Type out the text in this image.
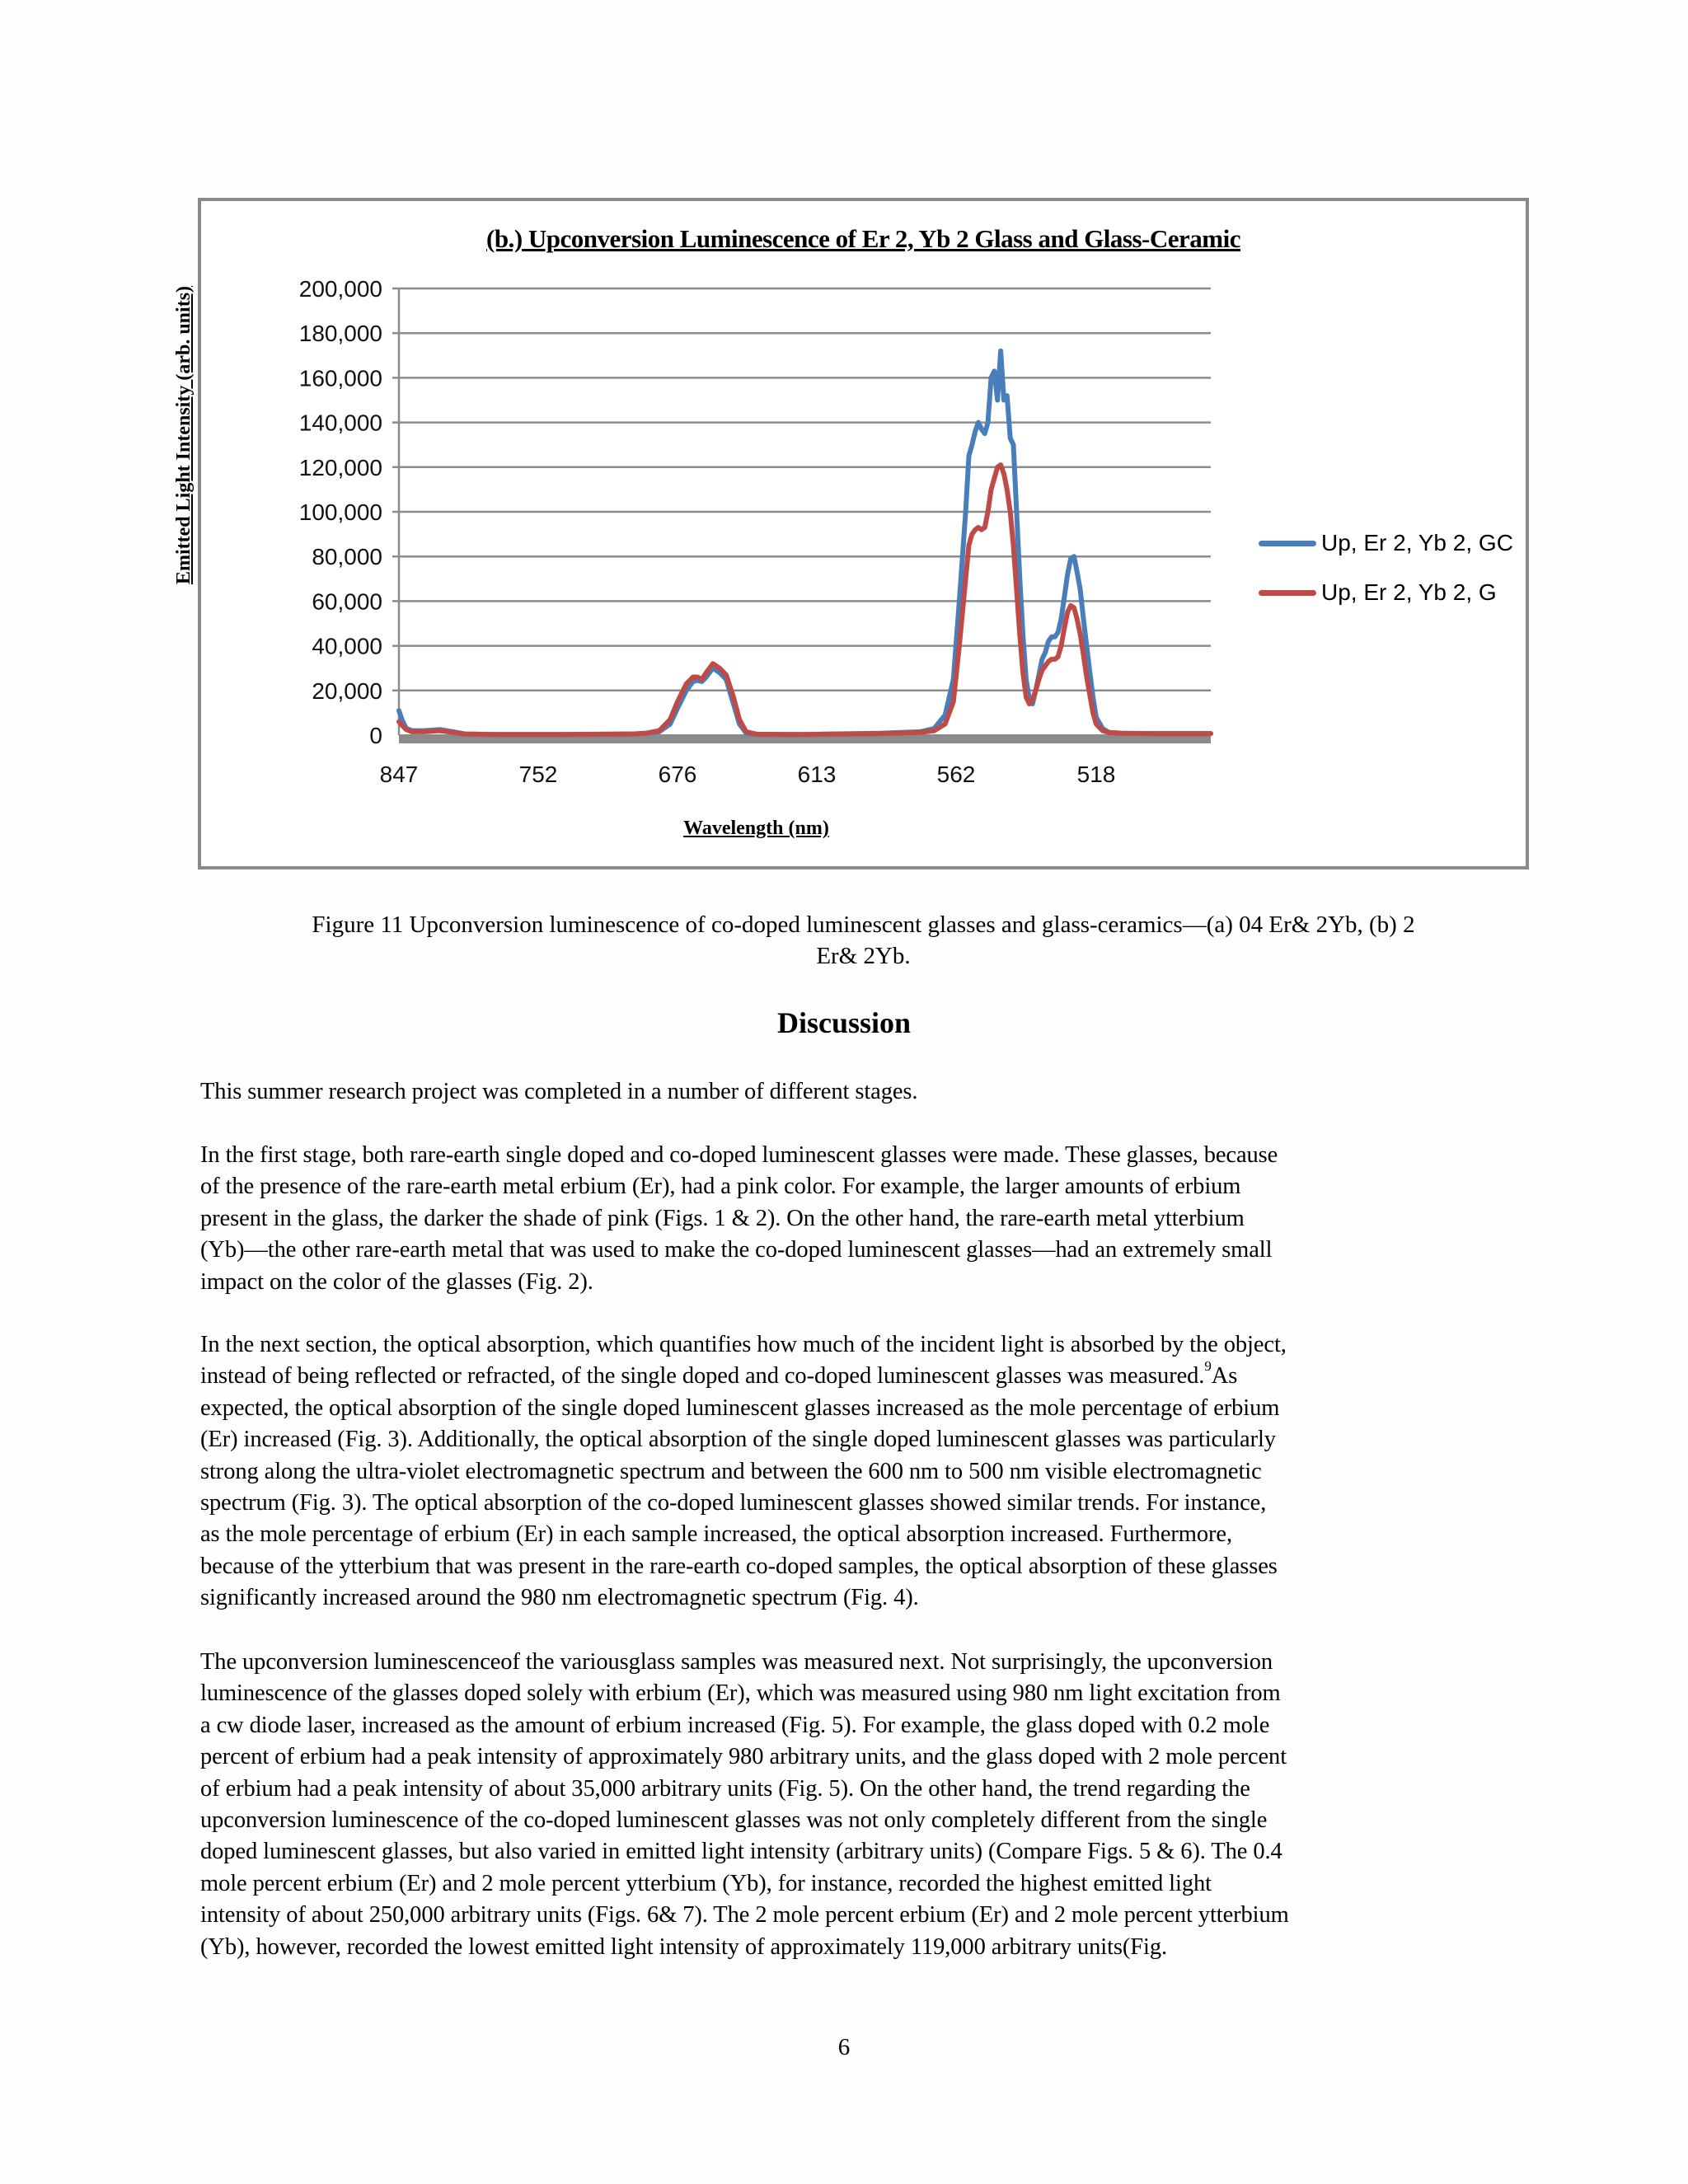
(b.) Upconversion Luminescence of Er 2, Yb 2 Glass and Glass-Ceramic
Emitted Light Intensity (arb. units)	200,000
180,000
160,000
140,000
120,000
100,000
80,000
60,000
40,000
20,000
0
847	752	676	613	562	518
Wavelength (nm)
Up, Er 2, Yb 2, GC
Up, Er 2, Yb 2, G
Figure 11 Upconversion luminescence of co-doped luminescent glasses and glass-ceramics—(a) 04 Er& 2Yb, (b) 2
Er& 2Yb.
Discussion
This summer research project was completed in a number of different stages.
In the first stage, both rare-earth single doped and co-doped luminescent glasses were made. These glasses, because
of the presence of the rare-earth metal erbium (Er), had a pink color. For example, the larger amounts of erbium
present in the glass, the darker the shade of pink (Figs. 1 & 2). On the other hand, the rare-earth metal ytterbium
(Yb)—the other rare-earth metal that was used to make the co-doped luminescent glasses—had an extremely small
impact on the color of the glasses (Fig. 2).
In the next section, the optical absorption, which quantifies how much of the incident light is absorbed by the object,
instead of being reflected or refracted, of the single doped and co-doped luminescent glasses was measured.$^9$As
expected, the optical absorption of the single doped luminescent glasses increased as the mole percentage of erbium
(Er) increased (Fig. 3). Additionally, the optical absorption of the single doped luminescent glasses was particularly
strong along the ultra-violet electromagnetic spectrum and between the 600 nm to 500 nm visible electromagnetic
spectrum (Fig. 3). The optical absorption of the co-doped luminescent glasses showed similar trends. For instance,
as the mole percentage of erbium (Er) in each sample increased, the optical absorption increased. Furthermore,
because of the ytterbium that was present in the rare-earth co-doped samples, the optical absorption of these glasses
significantly increased around the 980 nm electromagnetic spectrum (Fig. 4).
The upconversion luminescenceof the variousglass samples was measured next. Not surprisingly, the upconversion
luminescence of the glasses doped solely with erbium (Er), which was measured using 980 nm light excitation from
a cw diode laser, increased as the amount of erbium increased (Fig. 5). For example, the glass doped with 0.2 mole
percent of erbium had a peak intensity of approximately 980 arbitrary units, and the glass doped with 2 mole percent
of erbium had a peak intensity of about 35,000 arbitrary units (Fig. 5). On the other hand, the trend regarding the
upconversion luminescence of the co-doped luminescent glasses was not only completely different from the single
doped luminescent glasses, but also varied in emitted light intensity (arbitrary units) (Compare Figs. 5 & 6). The 0.4
mole percent erbium (Er) and 2 mole percent ytterbium (Yb), for instance, recorded the highest emitted light
intensity of about 250,000 arbitrary units (Figs. 6& 7). The 2 mole percent erbium (Er) and 2 mole percent ytterbium
(Yb), however, recorded the lowest emitted light intensity of approximately 119,000 arbitrary units(Fig.
6
